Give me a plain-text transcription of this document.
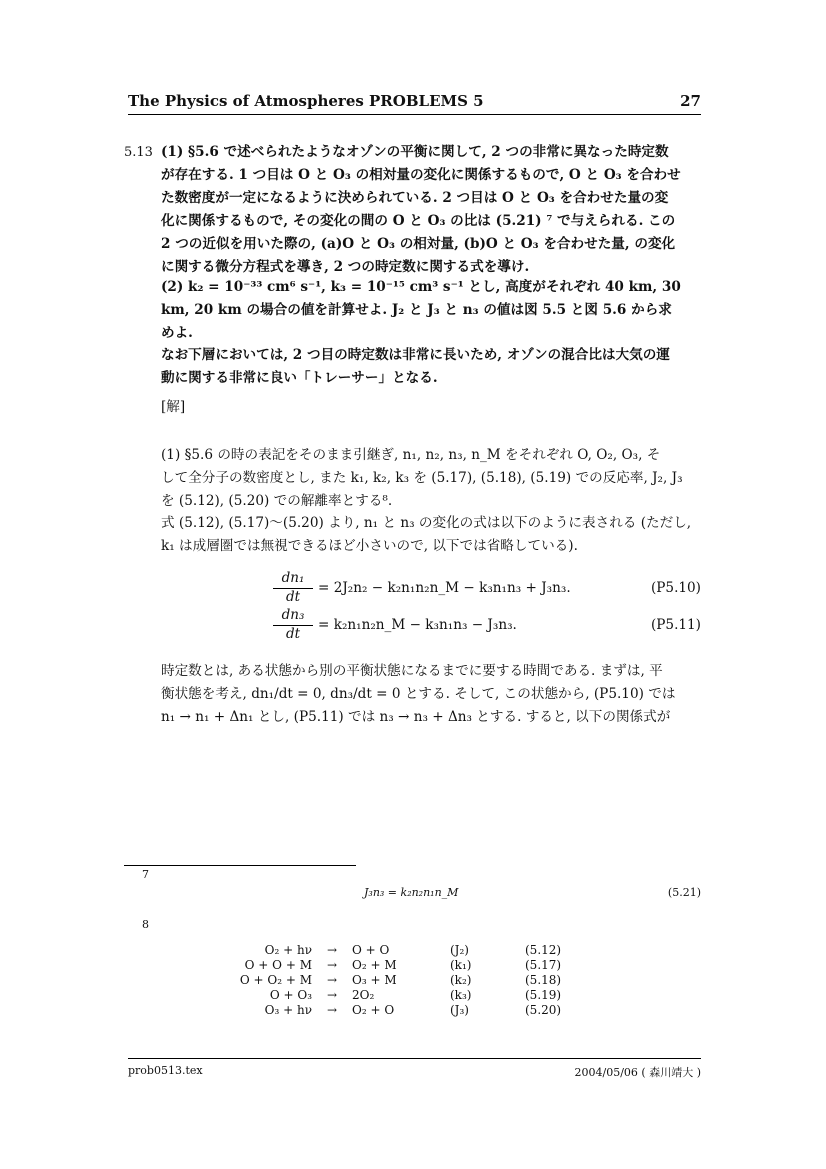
The Physics of Atmospheres PROBLEMS 5	27
5.13 (1) §5.6 で述べられたようなオゾンの平衡に関して, 2 つの非常に異なった時定数
が存在する. 1 つ目は O と O₃ の相対量の変化に関係するもので, O と O₃ を合わせ
た数密度が一定になるように決められている. 2 つ目は O と O₃ を合わせた量の変
化に関係するもので, その変化の間の O と O₃ の比は (5.21) ⁷ で与えられる. この
2 つの近似を用いた際の, (a)O と O₃ の相対量, (b)O と O₃ を合わせた量, の変化
に関する微分方程式を導き, 2 つの時定数に関する式を導け.
(2) k₂ = 10⁻³³ cm⁶ s⁻¹, k₃ = 10⁻¹⁵ cm³ s⁻¹ とし, 高度がそれぞれ 40 km, 30
km, 20 km の場合の値を計算せよ. J₂ と J₃ と n₃ の値は図 5.5 と図 5.6 から求
めよ.
なお下層においては, 2 つ目の時定数は非常に長いため, オゾンの混合比は大気の運
動に関する非常に良い「トレーサー」となる.
[解]
(1) §5.6 の時の表記をそのまま引継ぎ, n₁, n₂, n₃, n_M をそれぞれ O, O₂, O₃, そ
して全分子の数密度とし, また k₁, k₂, k₃ を (5.17), (5.18), (5.19) での反応率, J₂, J₃
を (5.12), (5.20) での解離率とする⁸.
式 (5.12), (5.17)〜(5.20) より, n₁ と n₃ の変化の式は以下のように表される (ただし,
k₁ は成層圏では無視できるほど小さいので, 以下では省略している).
$\frac{\text{dn₁}}{dt} = 2J_2n_2$ − k₂n₁n₂n_M − k₃n₁n₃ + J₃n₃.	(P5.10)
$\frac{\text{dn₃}}{dt}$ = k₂n₁n₂n_M − k₃n₁n₃ − J₃n₃.	(P5.11)
時定数とは, ある状態から別の平衡状態になるまでに要する時間である. まずは, 平
衡状態を考え, dn₁/dt = 0, dn₃/dt = 0 とする. そして, この状態から, (P5.10) では
n₁ → n₁ + Δn₁ とし, (P5.11) では n₃ → n₃ + Δn₃ とする. すると, 以下の関係式が
7
J₃n₃ = k₂n₂n₁n_M	(5.21)
8
O₂ + hν	→	O + O	(J₂)	(5.12)
O + O + M	→	O₂ + M	(k₁)	(5.17)
O + O₂ + M	→	O₃ + M	(k₂)	(5.18)
O + O₃	→	2O₂	(k₃)	(5.19)
O₃ + hν	→	O₂ + O	(J₃)	(5.20)
prob0513.tex	2004/05/06 ( 森川靖大 )
